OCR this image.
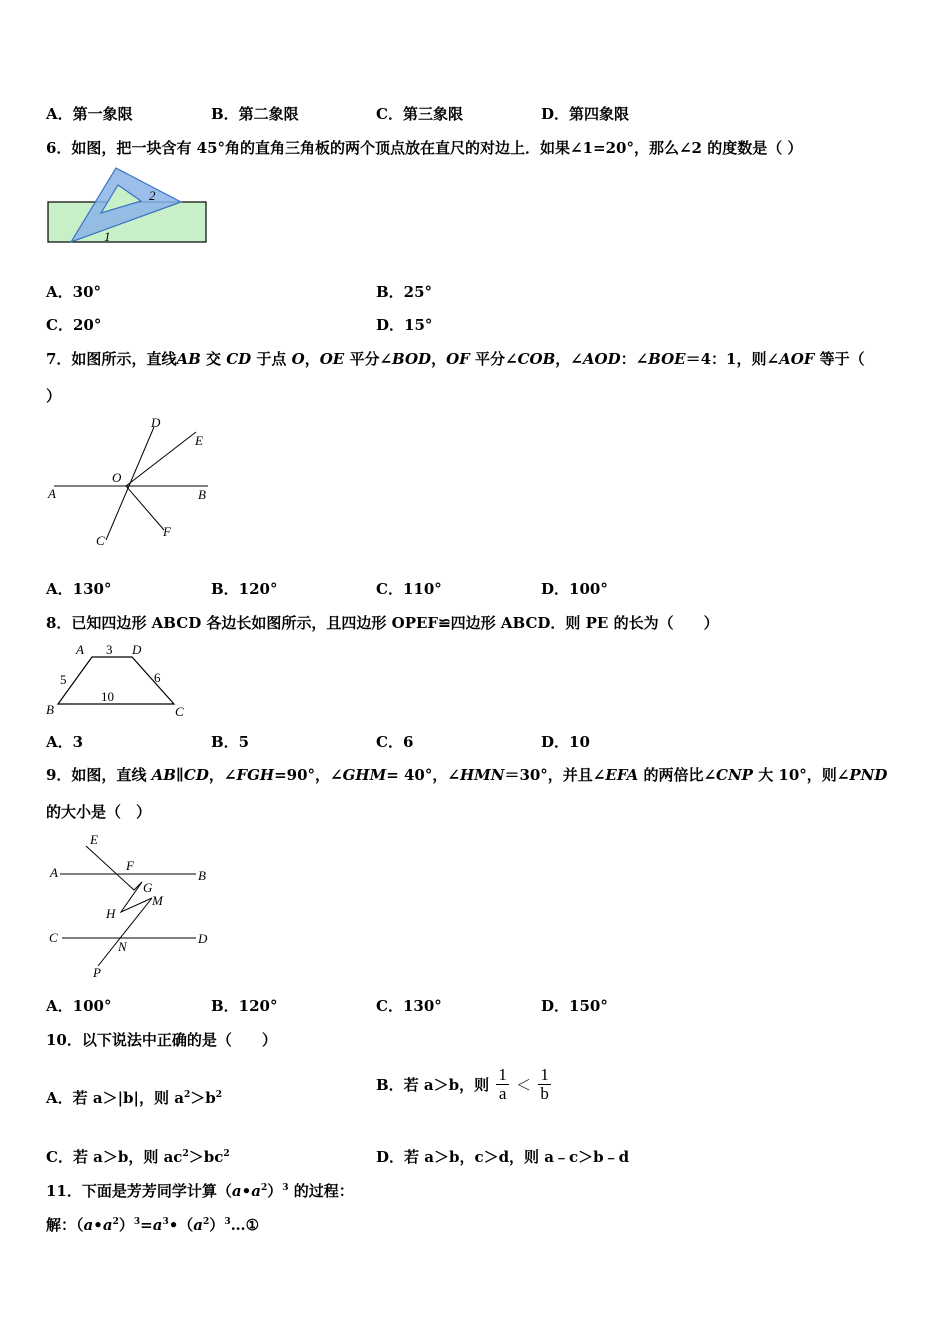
A．第一象限	B．第二象限	C．第三象限	D．第四象限
6．如图，把一块含有 45°角的直角三角板的两个顶点放在直尺的对边上．如果∠1=20°，那么∠2 的度数是（ ）
2
1
A．30°	B．25°
C．20°	D．15°
7．如图所示，直线AB 交 CD 于点 O，OE 平分∠BOD，OF 平分∠COB，∠AOD：∠BOE＝4：1，则∠AOF 等于（
）
A	B
C
D
E
F
O
A．130°	B．120°	C．110°	D．100°
8．已知四边形 ABCD 各边长如图所示，且四边形 OPEF≌四边形 ABCD．则 PE 的长为（　　）
A	D
B	C
3
5	6
10
A．3	B．5	C．6	D．10
9．如图，直线 AB∥CD，∠FGH=90°，∠GHM= 40°，∠HMN＝30°，并且∠EFA 的两倍比∠CNP 大 10°，则∠PND
的大小是（　）
A	B
C	D
E
F
G
H
M
N
P
A．100°	B．120°	C．130°	D．150°
10．以下说法中正确的是（　　）
A．若 a＞|b|，则 $a^2>b^2$
B．若 a＞b，则 $\frac{1}{a} < \frac{1}{b}$
C．若 a＞b，则 $ac^2>bc^2$	D．若 a＞b，c＞d，则 a﹣c＞b﹣d
11．下面是芳芳同学计算$(a•a^2)^3$ 的过程：
解：$(a•a^2)^3=a^3•(a^2)^3\dots ①$
